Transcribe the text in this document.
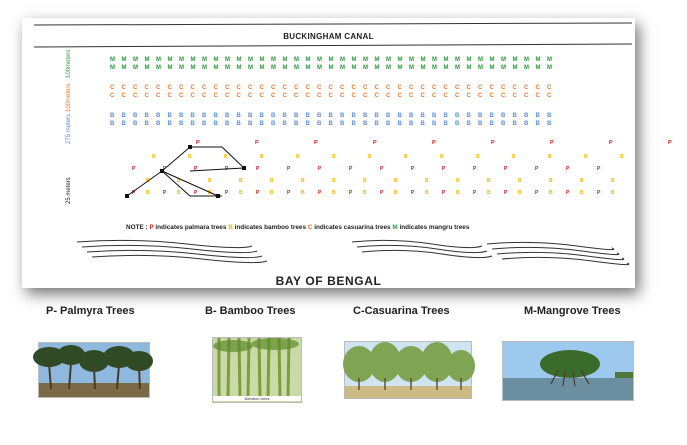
BUCKINGHAM CANAL
100meters
100meters
275 meters
25 meters
M M M M M M M M M M M M M M M M M M M M M M M M M M M M M M M M M M M M M M M
M M M M M M M M M M M M M M M M M M M M M M M M M M M M M M M M M M M M M M M
C C C C C C C C C C C C C C C C C C C C C C C C C C C C C C C C C C C C C C C
C C C C C C C C C C C C C C C C C C C C C C C C C C C C C C C C C C C C C C C
B B B B B B B B B B B B B B B B B B B B B B B B B B B B B B B B B B B B B B B
B B B B B B B B B B B B B B B B B B B B B B B B B B B B B B B B B B B B B B B
P	P	P	P	P	P	P	P	P
B	B	B	B	B	B	B	B	B	B	B	B	B	B
P	P	P	P	P	P	P	P	P	P	P	P	P	P	P	P
B	B	B	B	B	B	B	B	B	B	B	B	B	B	B	B
P	P	P	P	P	P	P	P	P	P	P	P	P	P	P	P
B	B	B	B	B	B	B	B	B	B	B	B	B	B	B	B
NOTE : P indicates palmara trees B indicates bamboo trees C indicates casuarina trees M indicates mangru trees
BAY OF BENGAL
P- Palmyra Trees	B- Bamboo Trees	C-Casuarina Trees	M-Mangrove Trees
Bamboo trees
